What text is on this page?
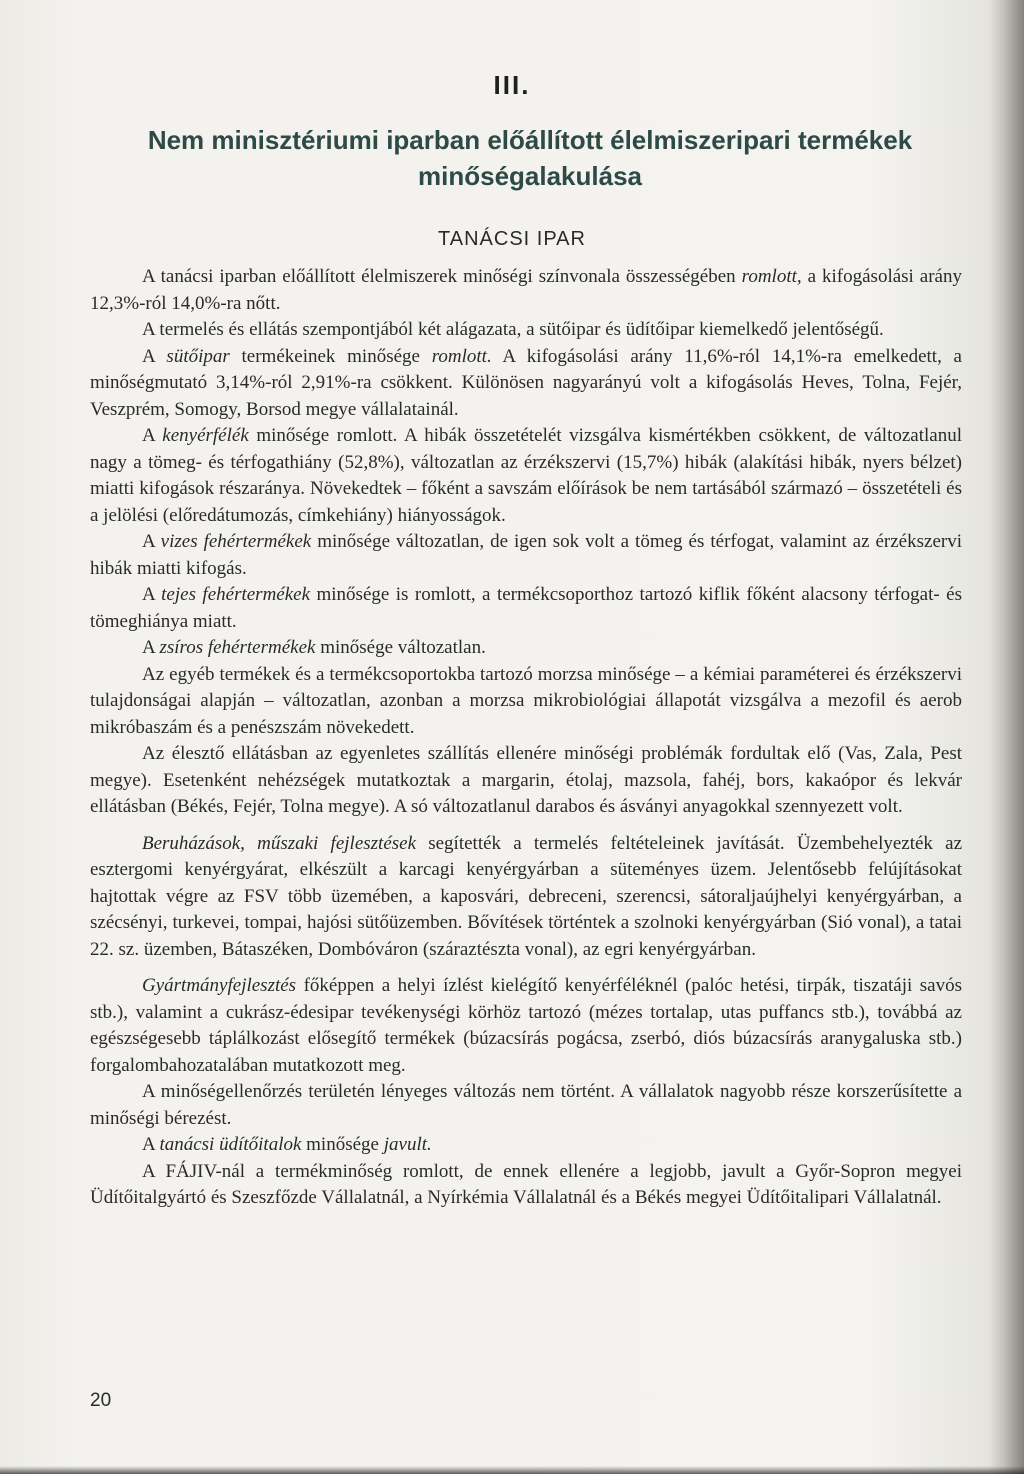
III.
Nem minisztériumi iparban előállított élelmiszeripari termékek minőségalakulása
TANÁCSI IPAR

A tanácsi iparban előállított élelmiszerek minőségi színvonala összességében romlott, a kifogásolási arány 12,3%-ról 14,0%-ra nőtt.

A termelés és ellátás szempontjából két alágazata, a sütőipar és üdítőipar kiemelkedő jelentőségű.

A sütőipar termékeinek minősége romlott. A kifogásolási arány 11,6%-ról 14,1%-ra emelkedett, a minőségmutató 3,14%-ról 2,91%-ra csökkent. Különösen nagyarányú volt a kifogásolás Heves, Tolna, Fejér, Veszprém, Somogy, Borsod megye vállalatainál.

A kenyérfélék minősége romlott. A hibák összetételét vizsgálva kismértékben csökkent, de változatlanul nagy a tömeg- és térfogathiány (52,8%), változatlan az érzékszervi (15,7%) hibák (alakítási hibák, nyers bélzet) miatti kifogások részaránya. Növekedtek – főként a savszám előírások be nem tartásából származó – összetételi és a jelölési (előredátumozás, címkehiány) hiányosságok.

A vizes fehértermékek minősége változatlan, de igen sok volt a tömeg és térfogat, valamint az érzékszervi hibák miatti kifogás.

A tejes fehértermékek minősége is romlott, a termékcsoporthoz tartozó kiflik főként alacsony térfogat- és tömeghiánya miatt.

A zsíros fehértermékek minősége változatlan.

Az egyéb termékek és a termékcsoportokba tartozó morzsa minősége – a kémiai paraméterei és érzékszervi tulajdonságai alapján – változatlan, azonban a morzsa mikrobiológiai állapotát vizsgálva a mezofil és aerob mikróbaszám és a penészszám növekedett.

Az élesztő ellátásban az egyenletes szállítás ellenére minőségi problémák fordultak elő (Vas, Zala, Pest megye). Esetenként nehézségek mutatkoztak a margarin, étolaj, mazsola, fahéj, bors, kakaópor és lekvár ellátásban (Békés, Fejér, Tolna megye). A só változatlanul darabos és ásványi anyagokkal szennyezett volt.

Beruházások, műszaki fejlesztések segítették a termelés feltételeinek javítását. Üzembehelyezték az esztergomi kenyérgyárat, elkészült a karcagi kenyérgyárban a süteményes üzem. Jelentősebb felújításokat hajtottak végre az FSV több üzemében, a kaposvári, debreceni, szerencsi, sátoraljaújhelyi kenyérgyárban, a szécsényi, turkevei, tompai, hajósi sütőüzemben. Bővítések történtek a szolnoki kenyérgyárban (Sió vonal), a tatai 22. sz. üzemben, Bátaszéken, Dombóváron (száraztészta vonal), az egri kenyérgyárban.

Gyártmányfejlesztés főképpen a helyi ízlést kielégítő kenyérféléknél (palóc hetési, tirpák, tiszatáji savós stb.), valamint a cukrász-édesipar tevékenységi körhöz tartozó (mézes tortalap, utas puffancs stb.), továbbá az egészségesebb táplálkozást elősegítő termékek (búzacsírás pogácsa, zserbó, diós búzacsírás aranygaluska stb.) forgalombahozatalában mutatkozott meg.

A minőségellenőrzés területén lényeges változás nem történt. A vállalatok nagyobb része korszerűsítette a minőségi bérezést.

A tanácsi üdítőitalok minősége javult.

A FÁJIV-nál a termékminőség romlott, de ennek ellenére a legjobb, javult a Győr-Sopron megyei Üdítőitalgyártó és Szeszfőzde Vállalatnál, a Nyírkémia Vállalatnál és a Békés megyei Üdítőitalipari Vállalatnál.

20
